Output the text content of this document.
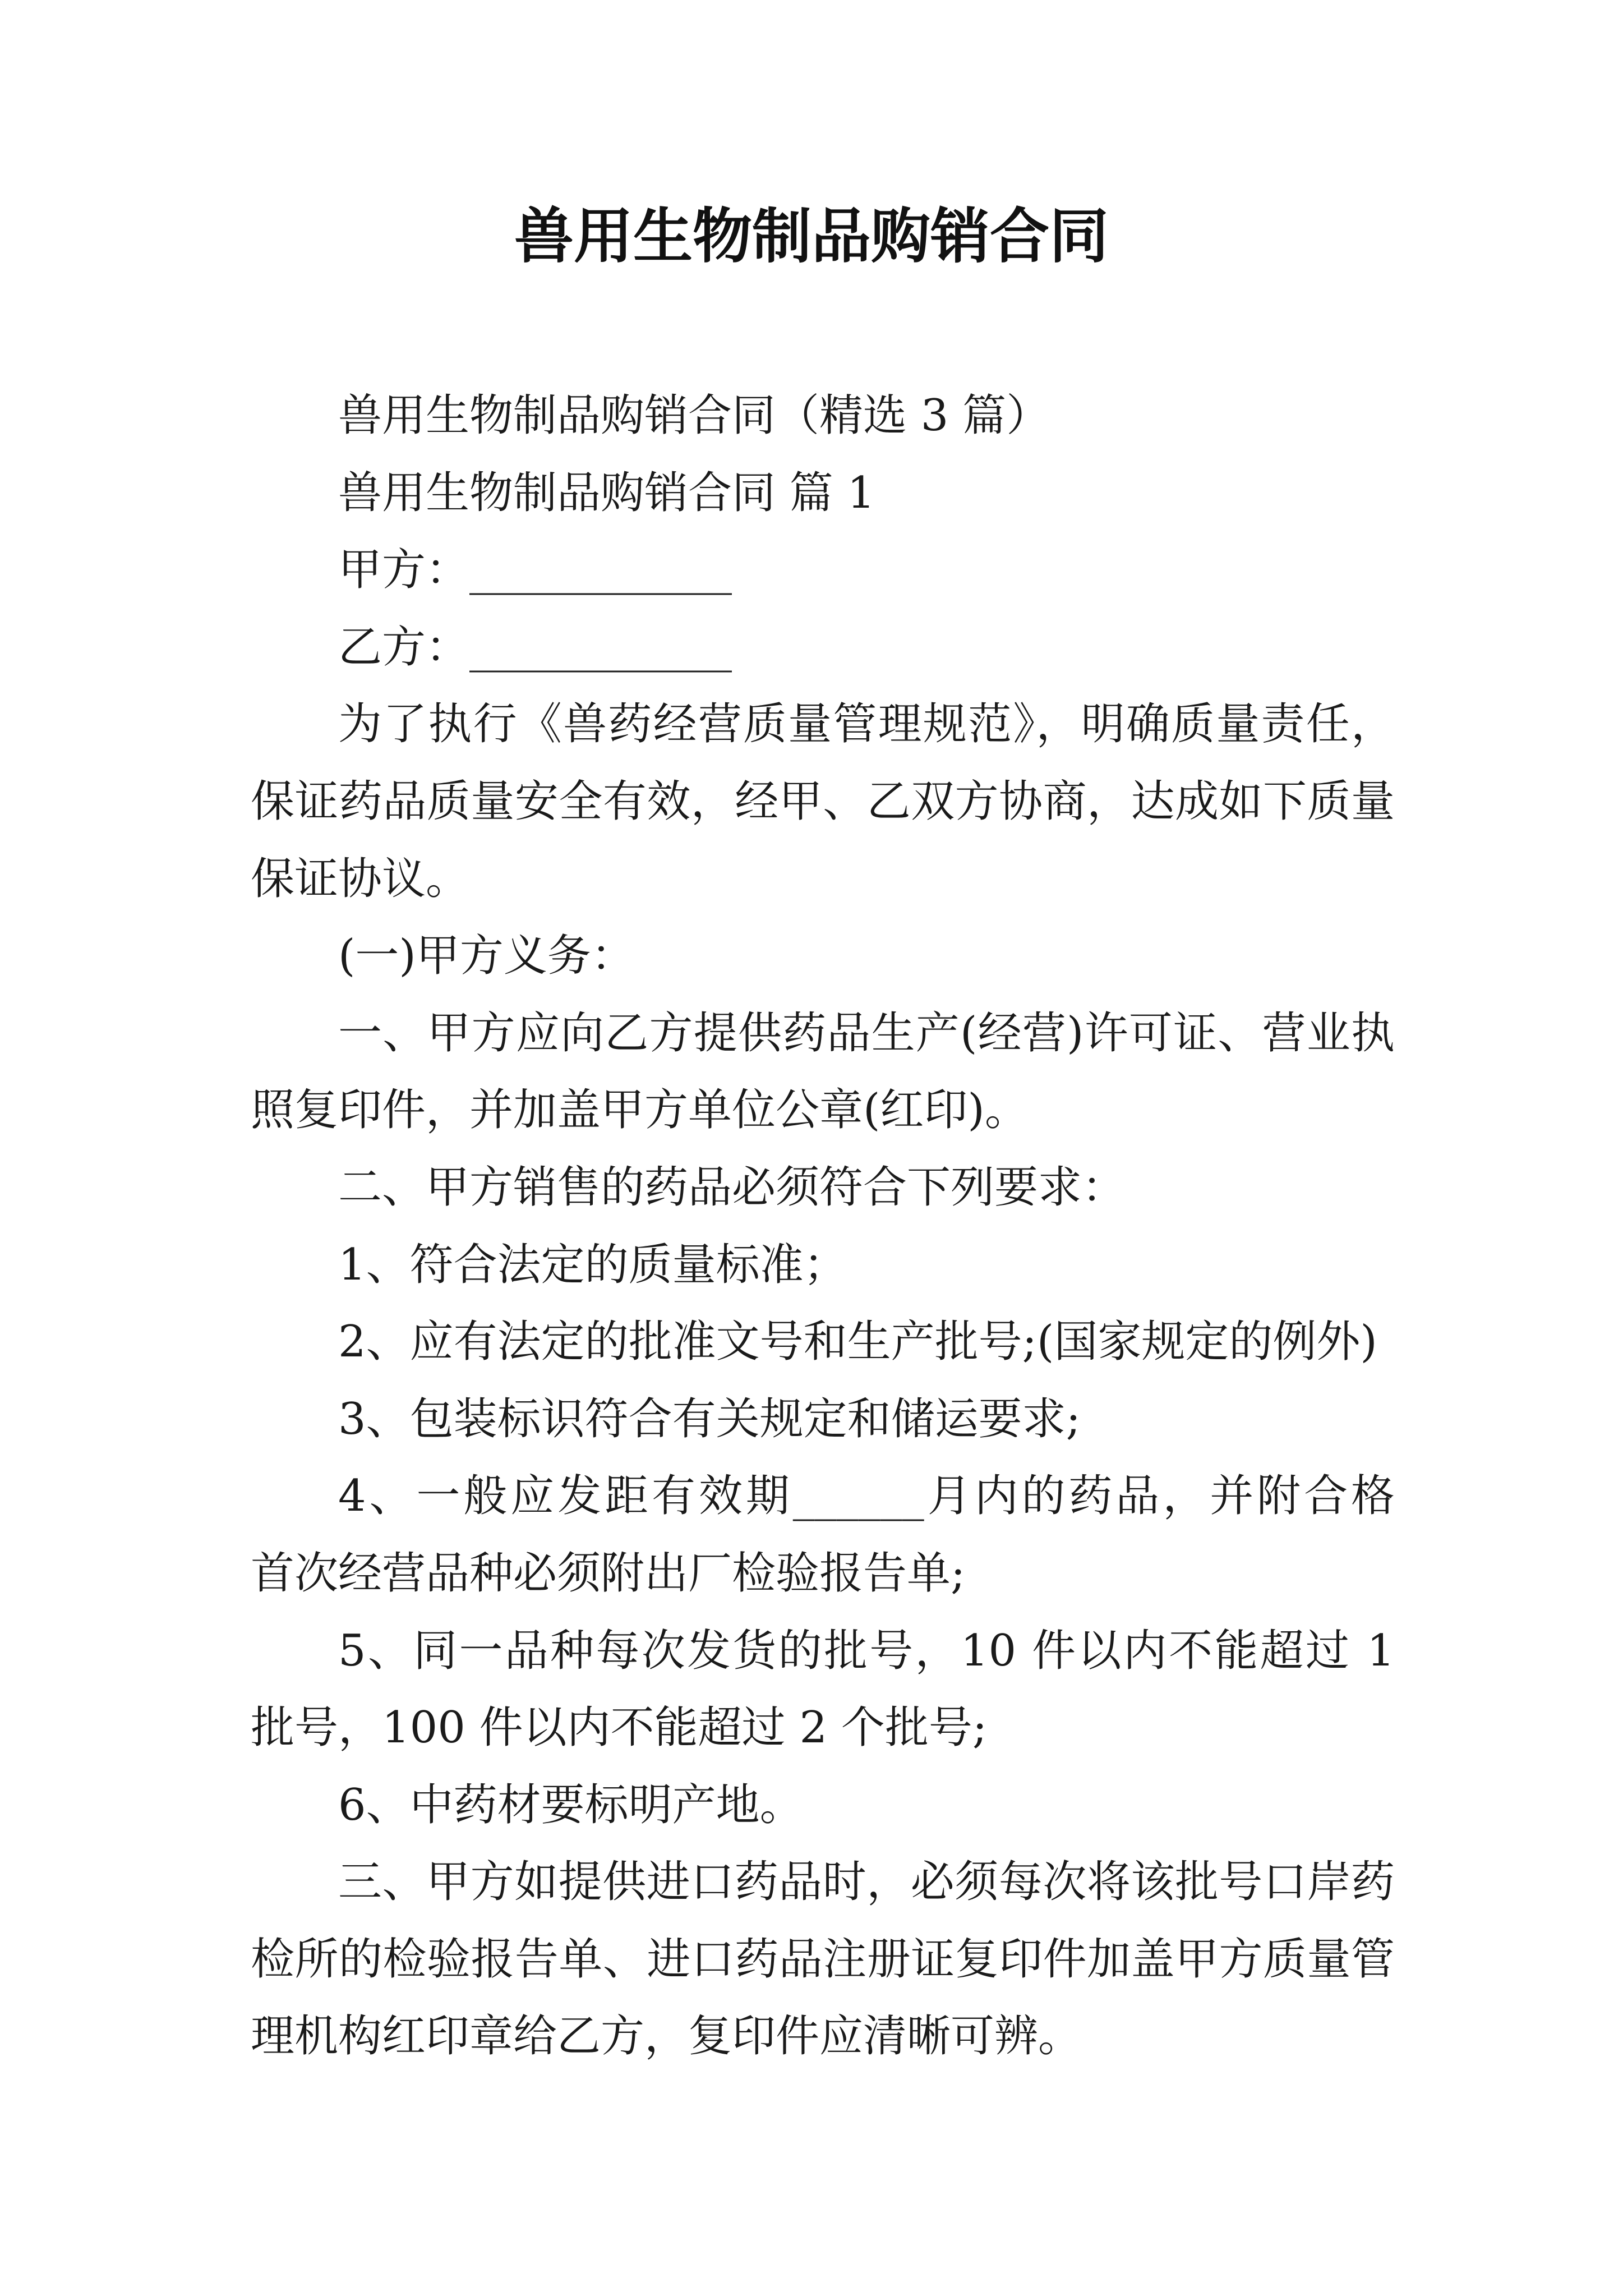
兽用生物制品购销合同
兽用生物制品购销合同（精选 3 篇）
兽用生物制品购销合同 篇 1
甲方：____________
乙方：____________
为了执行《兽药经营质量管理规范》，明确质量责任，
保证药品质量安全有效，经甲、乙双方协商，达成如下质量
保证协议。
(一)甲方义务：
一、甲方应向乙方提供药品生产(经营)许可证、营业执
照复印件，并加盖甲方单位公章(红印)。
二、甲方销售的药品必须符合下列要求：
1、符合法定的质量标准；
2、应有法定的批准文号和生产批号;(国家规定的例外)
3、包装标识符合有关规定和储运要求;
4、一般应发距有效期______月内的药品，并附合格
首次经营品种必须附出厂检验报告单;
5、同一品种每次发货的批号，10 件以内不能超过 1
批号，100 件以内不能超过 2 个批号;
6、中药材要标明产地。
三、甲方如提供进口药品时，必须每次将该批号口岸药
检所的检验报告单、进口药品注册证复印件加盖甲方质量管
理机构红印章给乙方，复印件应清晰可辨。
